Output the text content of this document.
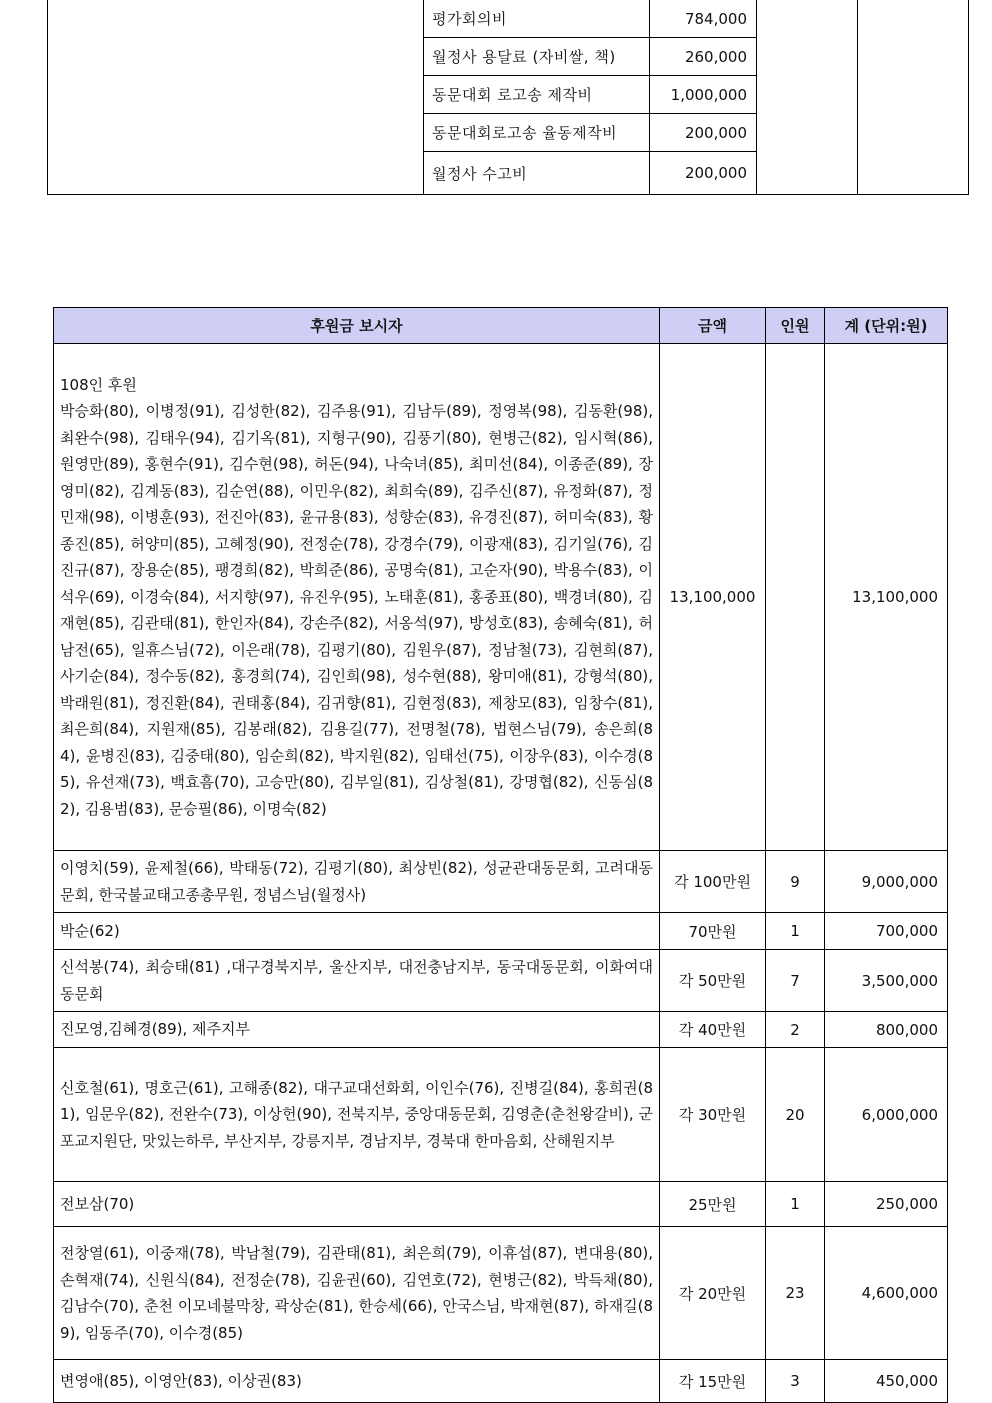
	평가회의비	784,000		
	월정사 용달료 (자비쌀, 책)	260,000		
	동문대회 로고송 제작비	1,000,000		
	동문대회로고송 율동제작비	200,000		
	월정사 수고비	200,000		
후원금 보시자	금액	인원	계 (단위:원)

108인 후원
박승화(80), 이병정(91), 김성한(82), 김주용(91), 김남두(89), 정영복(98), 김동환(98), 최완수(98), 김태우(94), 김기옥(81), 지형구(90), 김풍기(80), 현병근(82), 임시혁(86), 원영만(89), 홍현수(91), 김수현(98), 허돈(94), 나숙녀(85), 최미선(84), 이종준(89), 장영미(82), 김계동(83), 김순연(88), 이민우(82), 최희숙(89), 김주신(87), 유정화(87), 정민재(98), 이병훈(93), 전진아(83), 윤규용(83), 성향순(83), 유경진(87), 허미숙(83), 황종진(85), 허양미(85), 고혜정(90), 전정순(78), 강경수(79), 이광재(83), 김기일(76), 김진규(87), 장용순(85), 팽경희(82), 박희준(86), 공명숙(81), 고순자(90), 박용수(83), 이석우(69), 이경숙(84), 서지향(97), 유진우(95), 노태훈(81), 홍종표(80), 백경녀(80), 김재현(85), 김관태(81), 한인자(84), 강손주(82), 서옹석(97), 방성호(83), 송혜숙(81), 허남전(65), 일휴스님(72), 이은래(78), 김평기(80), 김원우(87), 정남철(73), 김현희(87), 사기순(84), 정수동(82), 홍경희(74), 김인희(98), 성수현(88), 왕미애(81), 강형석(80), 박래원(81), 정진환(84), 권태홍(84), 김귀향(81), 김현정(83), 제창모(83), 임창수(81), 최은희(84), 지원재(85), 김봉래(82), 김용길(77), 전명철(78), 법현스님(79), 송은희(84), 윤병진(83), 김중태(80), 임순희(82), 박지원(82), 임태선(75), 이장우(83), 이수경(85), 유선재(73), 백효흠(70), 고승만(80), 김부일(81), 김상철(81), 강명협(82), 신동심(82), 김용범(83), 문승필(86), 이명숙(82)	13,100,000		13,100,000
이영치(59), 윤제철(66), 박태동(72), 김평기(80), 최상빈(82), 성균관대동문회, 고려대동문회, 한국불교태고종총무원, 정념스님(월정사)	각 100만원	9	9,000,000
박순(62)	70만원	1	700,000
신석봉(74), 최승태(81) ,대구경북지부, 울산지부, 대전충남지부, 동국대동문회, 이화여대동문회	각 50만원	7	3,500,000
진모영,김혜경(89), 제주지부	각 40만원	2	800,000
신호철(61), 명호근(61), 고해종(82), 대구교대선화회, 이인수(76), 진병길(84), 홍희권(81), 임문우(82), 전완수(73), 이상헌(90), 전북지부, 중앙대동문회, 김영춘(춘천왕갈비), 군포교지원단, 맛있는하루, 부산지부, 강릉지부, 경남지부, 경북대 한마음회, 산해원지부	각 30만원	20	6,000,000
전보삼(70)	25만원	1	250,000
전창열(61), 이중재(78), 박남철(79), 김관태(81), 최은희(79), 이휴섭(87), 변대용(80), 손혁재(74), 신원식(84), 전정순(78), 김윤권(60), 김연호(72), 현병근(82), 박득채(80), 김남수(70), 춘천 이모네불막창, 곽상순(81), 한승세(66), 안국스님, 박재현(87), 하재길(89), 임동주(70), 이수경(85)	각 20만원	23	4,600,000
변영애(85), 이영안(83), 이상권(83)	각 15만원	3	450,000
